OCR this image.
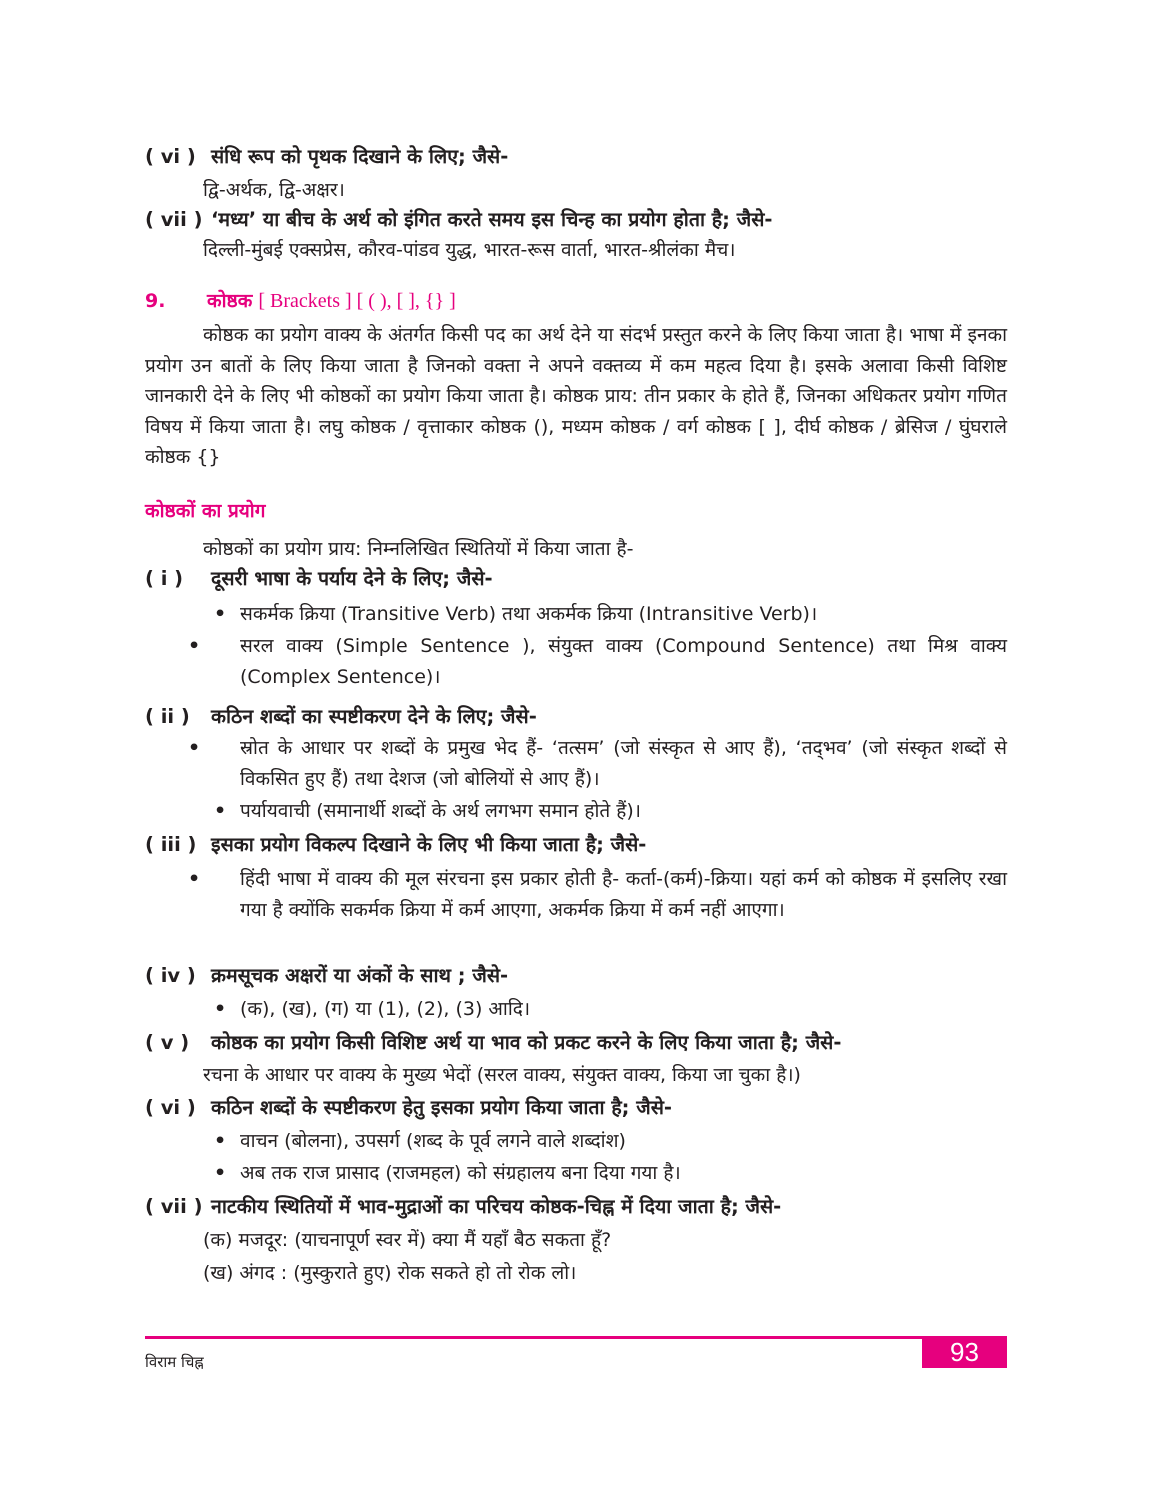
( vi ) संधि रूप को पृथक दिखाने के लिए; जैसे-
द्वि-अर्थक, द्वि-अक्षर।
( vii ) ‘मध्य’ या बीच के अर्थ को इंगित करते समय इस चिन्ह का प्रयोग होता है; जैसे-
दिल्ली-मुंबई एक्सप्रेस, कौरव-पांडव युद्ध, भारत-रूस वार्ता, भारत-श्रीलंका मैच।
9. कोष्ठक [ Brackets ] [ ( ), [ ], {} ]
कोष्ठक का प्रयोग वाक्य के अंतर्गत किसी पद का अर्थ देने या संदर्भ प्रस्तुत करने के लिए किया जाता है। भाषा में इनका प्रयोग उन बातों के लिए किया जाता है जिनको वक्ता ने अपने वक्तव्य में कम महत्व दिया है। इसके अलावा किसी विशिष्ट जानकारी देने के लिए भी कोष्ठकों का प्रयोग किया जाता है। कोष्ठक प्राय: तीन प्रकार के होते हैं, जिनका अधिकतर प्रयोग गणित विषय में किया जाता है। लघु कोष्ठक / वृत्ताकार कोष्ठक (), मध्यम कोष्ठक / वर्ग कोष्ठक [ ], दीर्घ कोष्ठक / ब्रेसिज / घुंघराले कोष्ठक {}
कोष्ठकों का प्रयोग
कोष्ठकों का प्रयोग प्राय: निम्नलिखित स्थितियों में किया जाता है-
( i ) दूसरी भाषा के पर्याय देने के लिए; जैसे-
• सकर्मक क्रिया (Transitive Verb) तथा अकर्मक क्रिया (Intransitive Verb)।
• सरल वाक्य (Simple Sentence ), संयुक्त वाक्य (Compound Sentence) तथा मिश्र वाक्य (Complex Sentence)।
( ii ) कठिन शब्दों का स्पष्टीकरण देने के लिए; जैसे-
• स्रोत के आधार पर शब्दों के प्रमुख भेद हैं- ‘तत्सम’ (जो संस्कृत से आए हैं), ‘तद्‌भव’ (जो संस्कृत शब्दों से विकसित हुए हैं) तथा देशज (जो बोलियों से आए हैं)।
• पर्यायवाची (समानार्थी शब्दों के अर्थ लगभग समान होते हैं)।
( iii ) इसका प्रयोग विकल्प दिखाने के लिए भी किया जाता है; जैसे-
• हिंदी भाषा में वाक्य की मूल संरचना इस प्रकार होती है- कर्ता-(कर्म)-क्रिया। यहां कर्म को कोष्ठक में इसलिए रखा गया है क्योंकि सकर्मक क्रिया में कर्म आएगा, अकर्मक क्रिया में कर्म नहीं आएगा।
( iv ) क्रमसूचक अक्षरों या अंकों के साथ ; जैसे-
• (क), (ख), (ग) या (1), (2), (3) आदि।
( v ) कोष्ठक का प्रयोग किसी विशिष्ट अर्थ या भाव को प्रकट करने के लिए किया जाता है; जैसे-
रचना के आधार पर वाक्य के मुख्य भेदों (सरल वाक्य, संयुक्त वाक्य, किया जा चुका है।)
( vi ) कठिन शब्दों के स्पष्टीकरण हेतु इसका प्रयोग किया जाता है; जैसे-
• वाचन (बोलना), उपसर्ग (शब्द के पूर्व लगने वाले शब्दांश)
• अब तक राज प्रासाद (राजमहल) को संग्रहालय बना दिया गया है।
( vii ) नाटकीय स्थितियों में भाव-मुद्राओं का परिचय कोष्ठक-चिह्न में दिया जाता है; जैसे-
(क) मजदूर: (याचनापूर्ण स्वर में) क्या मैं यहाँ बैठ सकता हूँ?
(ख) अंगद : (मुस्कुराते हुए) रोक सकते हो तो रोक लो।
विराम चिह्न	93
